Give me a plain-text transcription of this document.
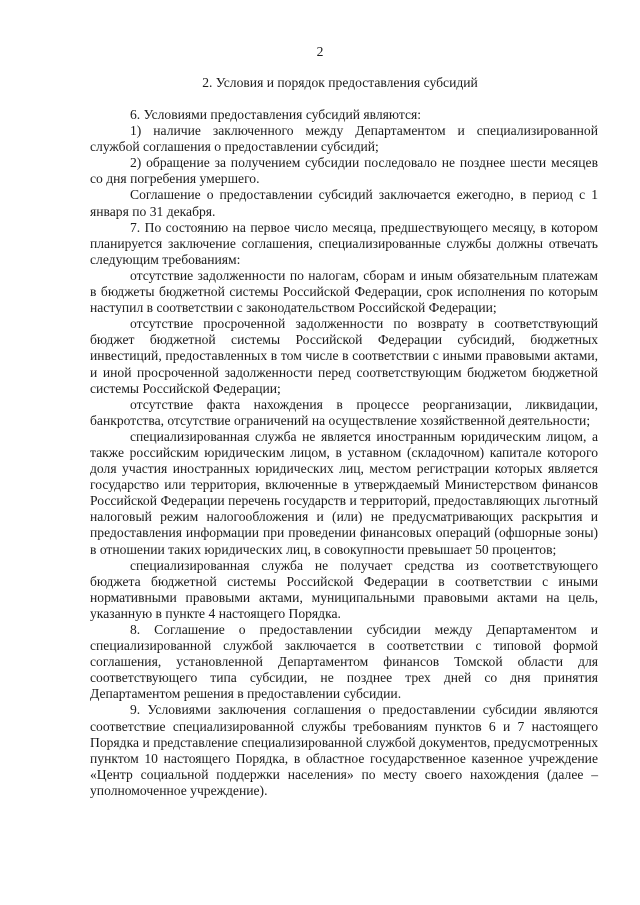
2
2. Условия и порядок предоставления субсидий

6. Условиями предоставления субсидий являются:

1) наличие заключенного между Департаментом и специализированной службой соглашения о предоставлении субсидий;

2) обращение за получением субсидии последовало не позднее шести месяцев со дня погребения умершего.

Соглашение о предоставлении субсидий заключается ежегодно, в период с 1 января по 31 декабря.

7. По состоянию на первое число месяца, предшествующего месяцу, в котором планируется заключение соглашения, специализированные службы должны отвечать следующим требованиям:

отсутствие задолженности по налогам, сборам и иным обязательным платежам в бюджеты бюджетной системы Российской Федерации, срок исполнения по которым наступил в соответствии с законодательством Российской Федерации;

отсутствие просроченной задолженности по возврату в соответствующий бюджет бюджетной системы Российской Федерации субсидий, бюджетных инвестиций, предоставленных в том числе в соответствии с иными правовыми актами, и иной просроченной задолженности перед соответствующим бюджетом бюджетной системы Российской Федерации;

отсутствие факта нахождения в процессе реорганизации, ликвидации, банкротства, отсутствие ограничений на осуществление хозяйственной деятельности;

специализированная служба не является иностранным юридическим лицом, а также российским юридическим лицом, в уставном (складочном) капитале которого доля участия иностранных юридических лиц, местом регистрации которых является государство или территория, включенные в утверждаемый Министерством финансов Российской Федерации перечень государств и территорий, предоставляющих льготный налоговый режим налогообложения и (или) не предусматривающих раскрытия и предоставления информации при проведении финансовых операций (офшорные зоны) в отношении таких юридических лиц, в совокупности превышает 50 процентов;

специализированная служба не получает средства из соответствующего бюджета бюджетной системы Российской Федерации в соответствии с иными нормативными правовыми актами, муниципальными правовыми актами на цель, указанную в пункте 4 настоящего Порядка.

8. Соглашение о предоставлении субсидии между Департаментом и специализированной службой заключается в соответствии с типовой формой соглашения, установленной Департаментом финансов Томской области для соответствующего типа субсидии, не позднее трех дней со дня принятия Департаментом решения в предоставлении субсидии.

9. Условиями заключения соглашения о предоставлении субсидии являются соответствие специализированной службы требованиям пунктов 6 и 7 настоящего Порядка и представление специализированной службой документов, предусмотренных пунктом 10 настоящего Порядка, в областное государственное казенное учреждение «Центр социальной поддержки населения» по месту своего нахождения (далее – уполномоченное учреждение).
